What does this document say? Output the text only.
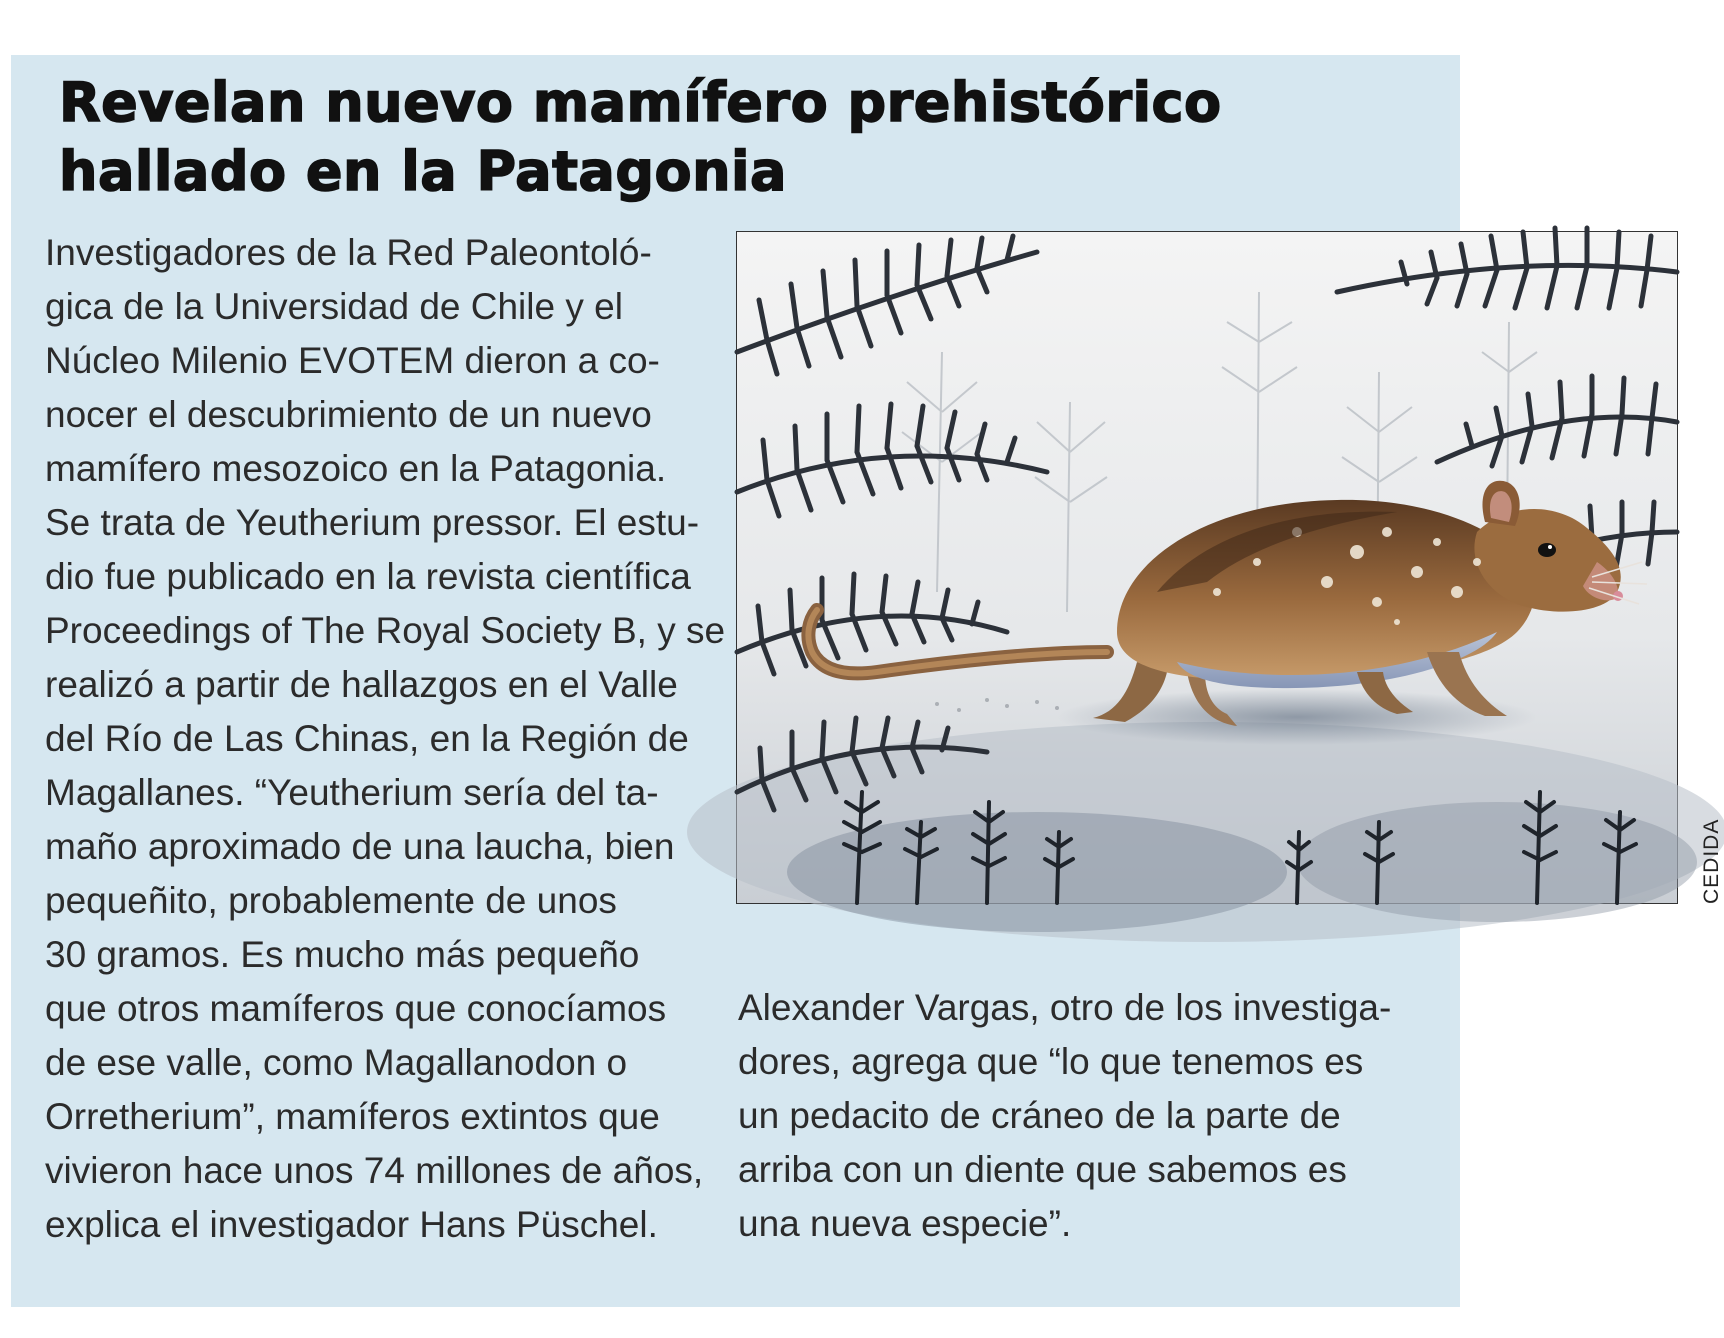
Revelan nuevo mamífero prehistórico
hallado en la Patagonia
Investigadores de la Red Paleontoló-
gica de la Universidad de Chile y el
Núcleo Milenio EVOTEM dieron a co-
nocer el descubrimiento de un nuevo
mamífero mesozoico en la Patagonia.
Se trata de Yeutherium pressor. El estu-
dio fue publicado en la revista científica
Proceedings of The Royal Society B, y se
realizó a partir de hallazgos en el Valle
del Río de Las Chinas, en la Región de
Magallanes. “Yeutherium sería del ta-
maño aproximado de una laucha, bien
pequeñito, probablemente de unos
30 gramos. Es mucho más pequeño
que otros mamíferos que conocíamos
de ese valle, como Magallanodon o
Orretherium”, mamíferos extintos que
vivieron hace unos 74 millones de años,
explica el investigador Hans Püschel.
CEDIDA
Alexander Vargas, otro de los investiga-
dores, agrega que “lo que tenemos es
un pedacito de cráneo de la parte de
arriba con un diente que sabemos es
una nueva especie”.
